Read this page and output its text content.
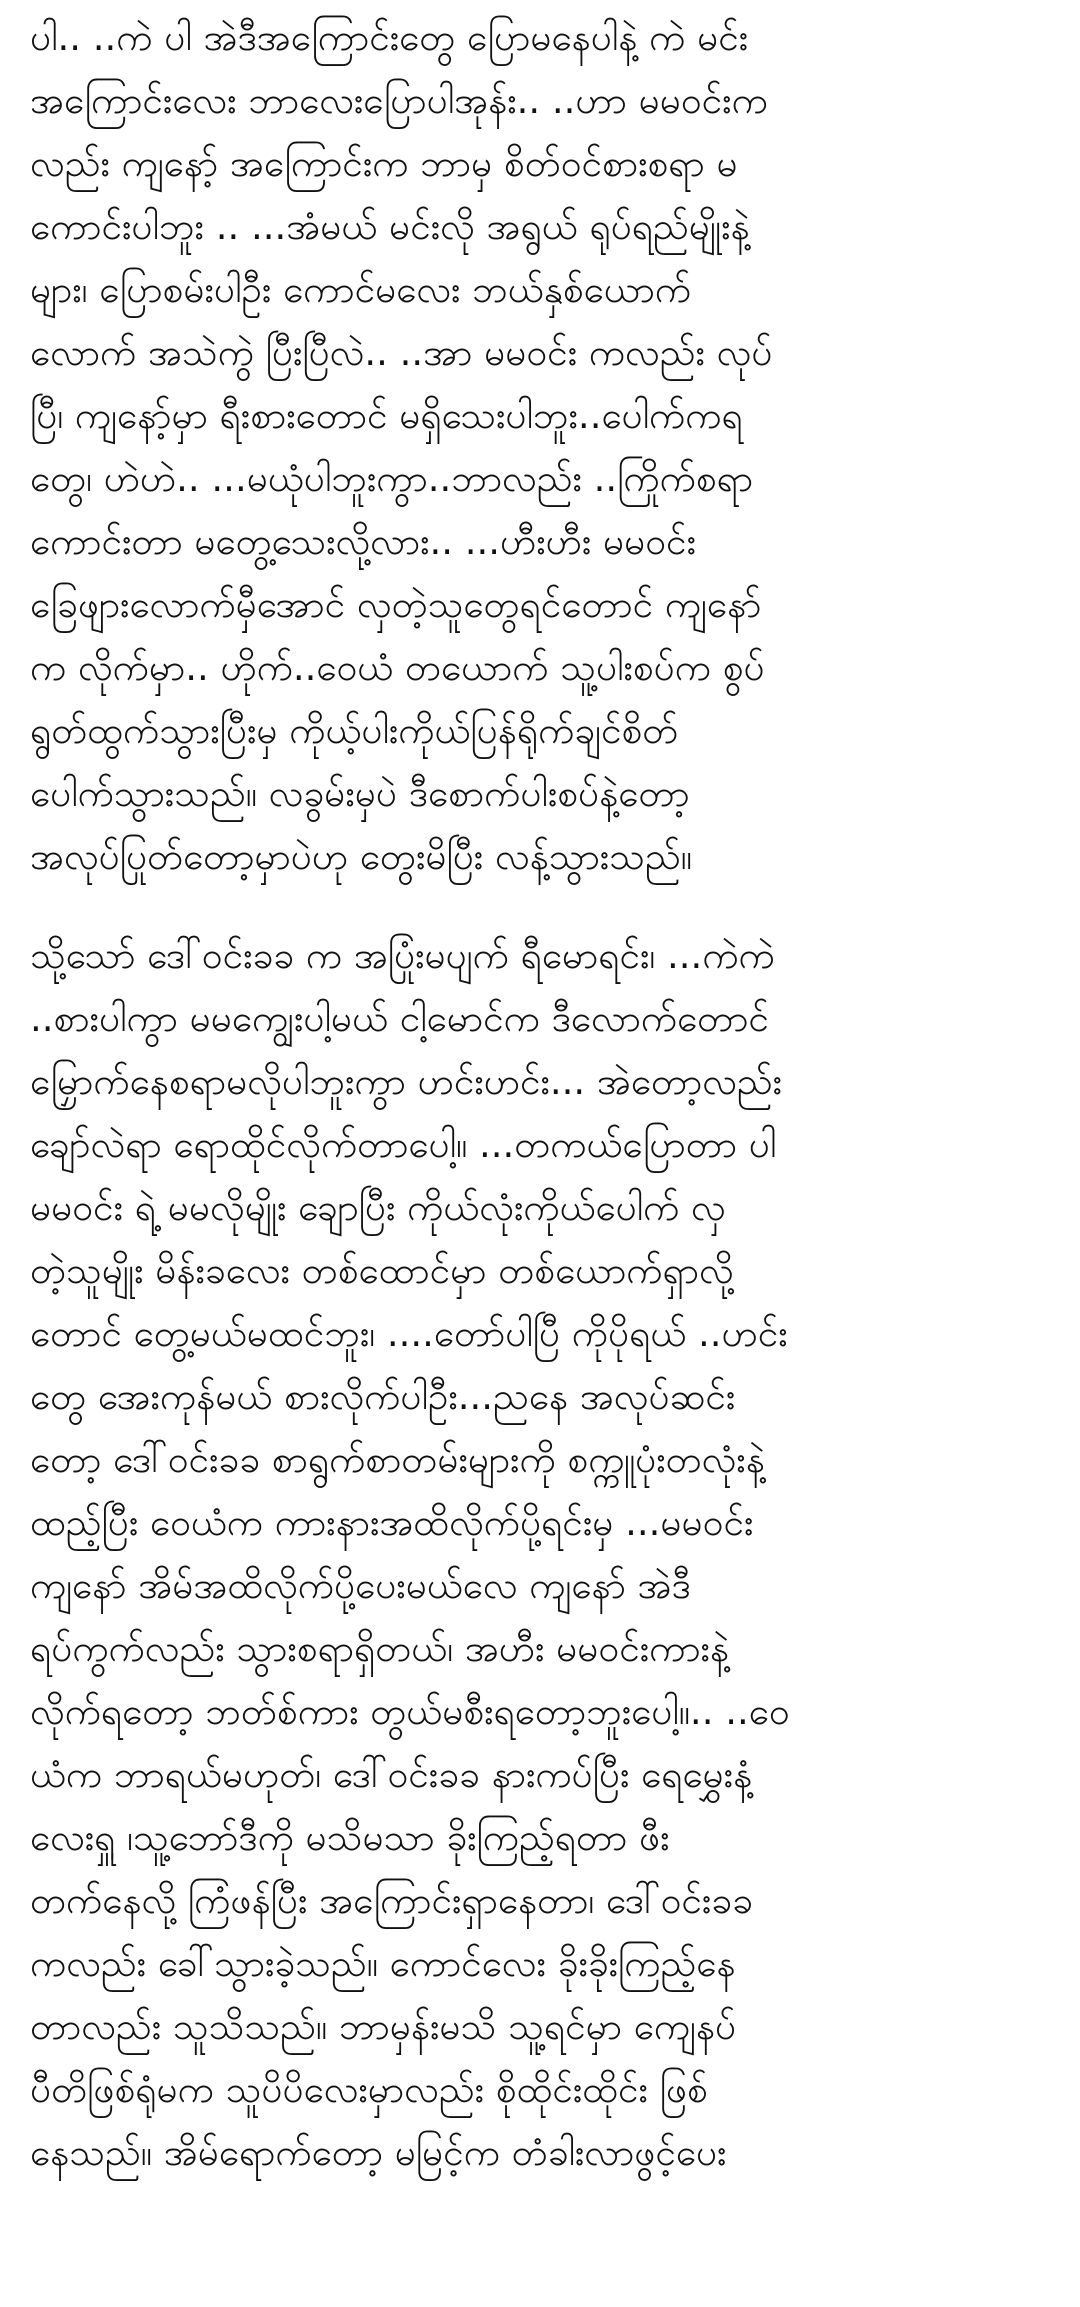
ပါ.. ..ကဲ ပါ အဲဒီအကြောင်းတွေ ပြောမနေပါနဲ့ ကဲ မင်း
အကြောင်းလေး ဘာလေးပြောပါအုန်း.. ..ဟာ မမဝင်းက
လည်း ကျနော့် အကြောင်းက ဘာမှ စိတ်ဝင်စားစရာ မ
ကောင်းပါဘူး .. ...အံမယ် မင်းလို အရွယ် ရုပ်ရည်မျိုးနဲ့
များ၊ ပြောစမ်းပါဦး ကောင်မလေး ဘယ်နှစ်ယောက်
လောက် အသဲကွဲ ပြီးပြီလဲ.. ..အာ မမဝင်း ကလည်း လုပ်
ပြီ၊ ကျနော့်မှာ ရီးစားတောင် မရှိသေးပါဘူး..ပေါက်ကရ
တွေ၊ ဟဲဟဲ.. ...မယုံပါဘူးကွာ..ဘာလည်း ..ကြိုက်စရာ
ကောင်းတာ မတွေ့သေးလို့လား.. ...ဟီးဟီး မမဝင်း
ခြေဖျားလောက်မှီအောင် လှတဲ့သူတွေရင်တောင် ကျနော်
က လိုက်မှာ.. ဟိုက်..ဝေယံ တယောက် သူ့ပါးစပ်က စွပ်
ရွတ်ထွက်သွားပြီးမှ ကိုယ့်ပါးကိုယ်ပြန်ရိုက်ချင်စိတ်
ပေါက်သွားသည်။ လခွမ်းမှပဲ ဒီစောက်ပါးစပ်နဲ့တော့
အလုပ်ပြုတ်တော့မှာပဲဟု တွေးမိပြီး လန့်သွားသည်။

သို့သော် ဒေါ်ဝင်းခခ က အပြုံးမပျက် ရီမောရင်း၊ ...ကဲကဲ
..စားပါကွာ မမကျွေးပါ့မယ် ငါ့မောင်က ဒီလောက်တောင်
မြှောက်နေစရာမလိုပါဘူးကွာ ဟင်းဟင်း... အဲတော့လည်း
ချော်လဲရာ ရောထိုင်လိုက်တာပေါ့။ ...တကယ်ပြောတာ ပါ
မမဝင်း ရဲ့ မမလိုမျိုး ချောပြီး ကိုယ်လုံးကိုယ်ပေါက် လှ
တဲ့သူမျိုး မိန်းခလေး တစ်ထောင်မှာ တစ်ယောက်ရှာလို့
တောင် တွေ့မယ်မထင်ဘူး၊ ....တော်ပါပြီ ကိုပိုရယ် ..ဟင်း
တွေ အေးကုန်မယ် စားလိုက်ပါဦး...ညနေ အလုပ်ဆင်း
တော့ ဒေါ်ဝင်းခခ စာရွက်စာတမ်းများကို စက္ကူပုံးတလုံးနဲ့
ထည့်ပြီး ဝေယံက ကားနားအထိလိုက်ပို့ရင်းမှ ...မမဝင်း
ကျနော် အိမ်အထိလိုက်ပို့ပေးမယ်လေ ကျနော် အဲဒီ
ရပ်ကွက်လည်း သွားစရာရှိတယ်၊ အဟီး မမဝင်းကားနဲ့
လိုက်ရတော့ ဘတ်စ်ကား တွယ်မစီးရတော့ဘူးပေါ့။.. ..ဝေ
ယံက ဘာရယ်မဟုတ်၊ ဒေါ်ဝင်းခခ နားကပ်ပြီး ရေမွှေးနံ့
လေးရှူ ၊သူ့ဘော်ဒီကို မသိမသာ ခိုးကြည့်ရတာ ဖီး
တက်နေလို့ ကြံဖန်ပြီး အကြောင်းရှာနေတာ၊ ဒေါ်ဝင်းခခ
ကလည်း ခေါ်သွားခဲ့သည်။ ကောင်လေး ခိုးခိုးကြည့်နေ
တာလည်း သူသိသည်။ ဘာမှန်းမသိ သူ့ရင်မှာ ကျေနပ်
ပီတိဖြစ်ရုံမက သူပိပိလေးမှာလည်း စိုထိုင်းထိုင်း ဖြစ်
နေသည်။ အိမ်ရောက်တော့ မမြင့်က တံခါးလာဖွင့်ပေး
